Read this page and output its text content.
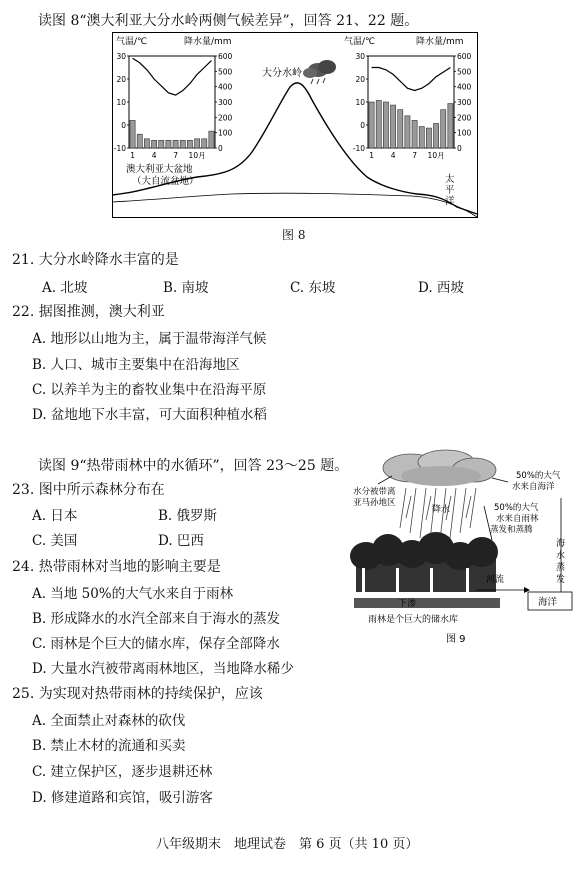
读图 8“澳大利亚大分水岭两侧气候差异”，回答 21、22 题。
气温/℃	降水量/mm	气温/℃	降水量/mm
30
20
10
0
-10
600
500
400
300
200
100
0
1 4 7 10月
30
20
10
0
-10
600
500
400
300
200
100
0
1 4 7 10月
大分水岭
澳大利亚大盆地
（大自流盆地）	太
平
洋
图 8
21. 大分水岭降水丰富的是
A. 北坡	B. 南坡	C. 东坡	D. 西坡
22. 据图推测，澳大利亚
A. 地形以山地为主，属于温带海洋气候
B. 人口、城市主要集中在沿海地区
C. 以养羊为主的畜牧业集中在沿海平原
D. 盆地地下水丰富，可大面积种植水稻
读图 9“热带雨林中的水循环”，回答 23～25 题。
23. 图中所示森林分布在
A. 日本	B. 俄罗斯
C. 美国	D. 巴西
24. 热带雨林对当地的影响主要是
A. 当地 50%的大气水来自于雨林
B. 形成降水的水汽全部来自于海水的蒸发
C. 雨林是个巨大的储水库，保存全部降水
D. 大量水汽被带离雨林地区，当地降水稀少
25. 为实现对热带雨林的持续保护，应该
A. 全面禁止对森林的砍伐
B. 禁止木材的流通和买卖
C. 建立保护区，逐步退耕还林
D. 修建道路和宾馆，吸引游客
水分被带离
亚马孙地区
降水
50%的大气
水来自海洋
50%的大气
水来自雨林
蒸发和蒸腾
海
水
蒸
发
河流
海洋
下渗
雨林是个巨大的储水库
图 9
八年级期末　地理试卷　第 6 页（共 10 页）
